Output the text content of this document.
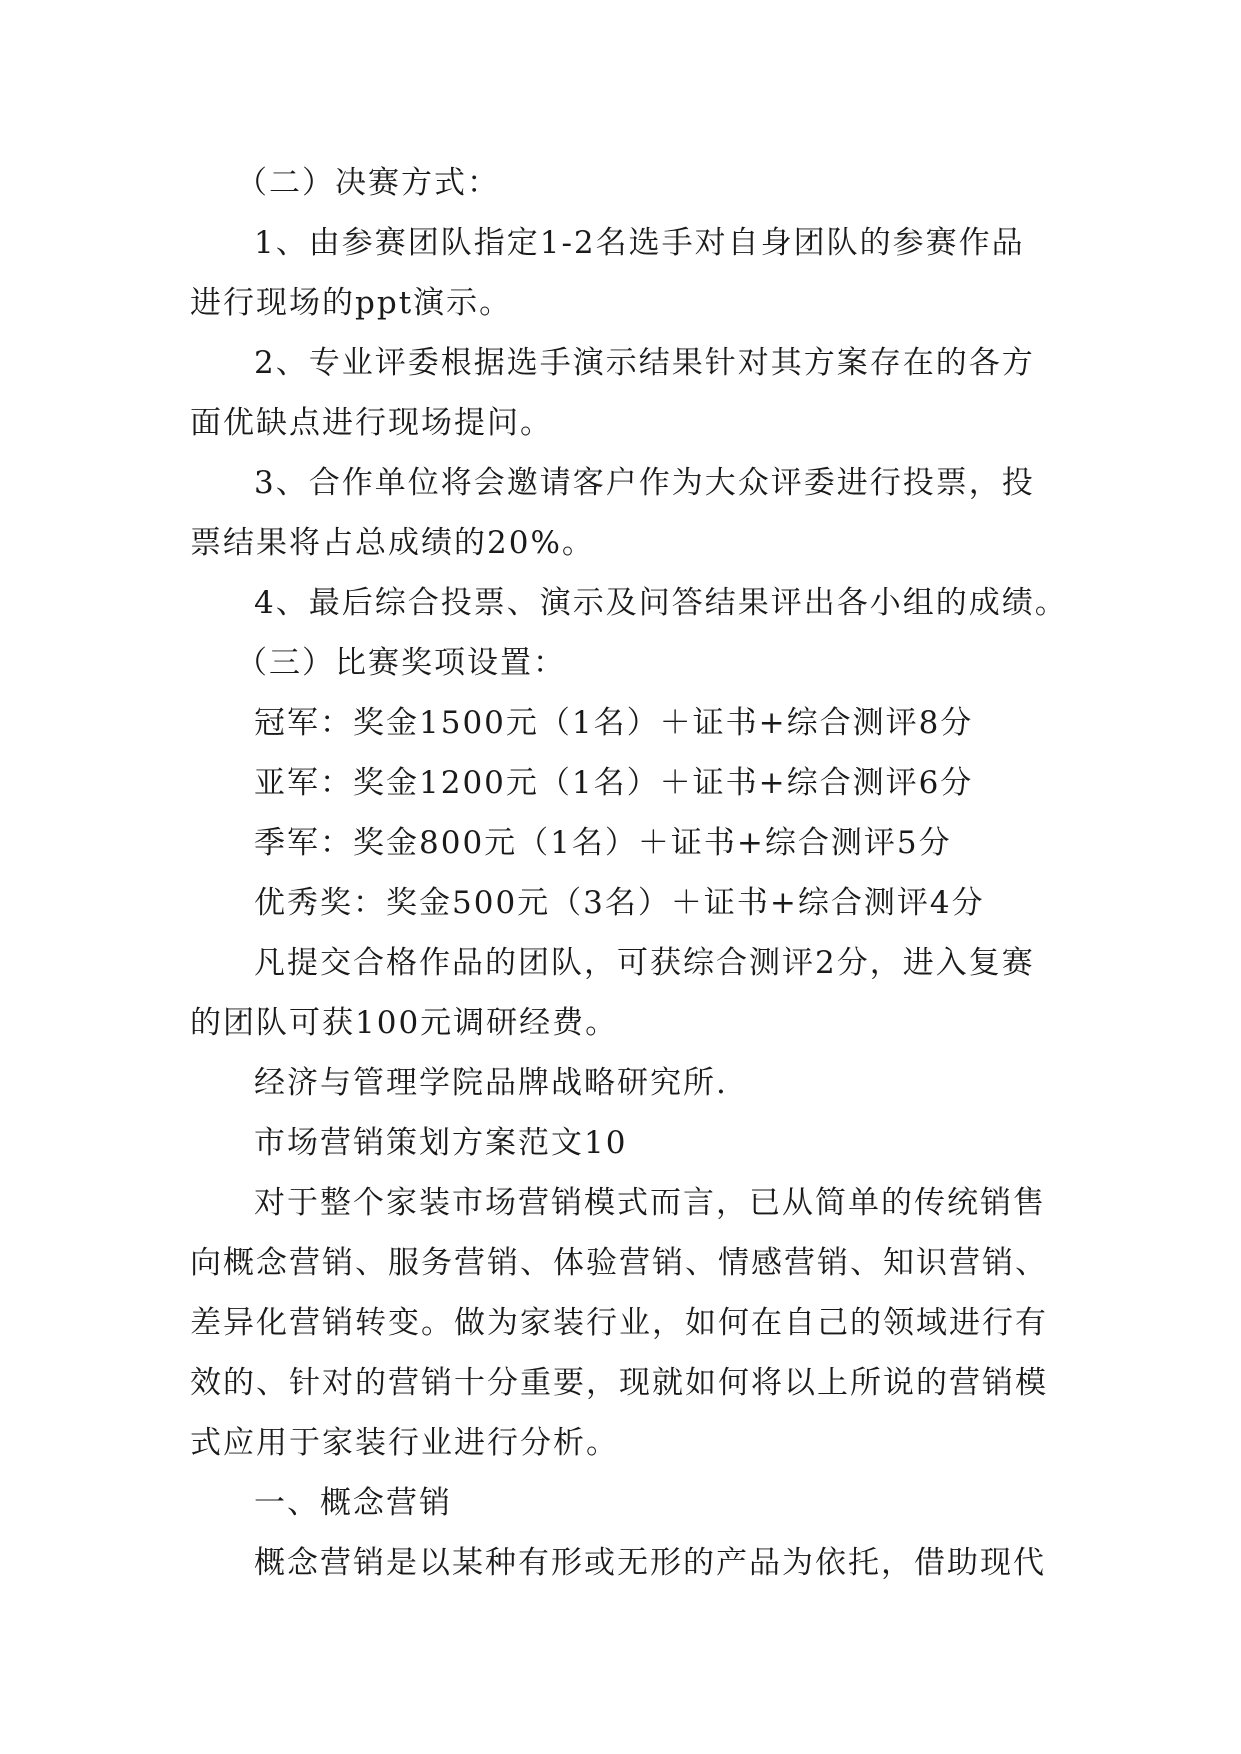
（二）决赛方式：
1、由参赛团队指定1-2名选手对自身团队的参赛作品
进行现场的ppt演示。
2、专业评委根据选手演示结果针对其方案存在的各方
面优缺点进行现场提问。
3、合作单位将会邀请客户作为大众评委进行投票，投
票结果将占总成绩的20%。
4、最后综合投票、演示及问答结果评出各小组的成绩。
（三）比赛奖项设置：
冠军：奖金1500元（1名）＋证书+综合测评8分
亚军：奖金1200元（1名）＋证书+综合测评6分
季军：奖金800元（1名）＋证书+综合测评5分
优秀奖：奖金500元（3名）＋证书+综合测评4分
凡提交合格作品的团队，可获综合测评2分，进入复赛
的团队可获100元调研经费。
经济与管理学院品牌战略研究所.
市场营销策划方案范文10
对于整个家装市场营销模式而言，已从简单的传统销售
向概念营销、服务营销、体验营销、情感营销、知识营销、
差异化营销转变。做为家装行业，如何在自己的领域进行有
效的、针对的营销十分重要，现就如何将以上所说的营销模
式应用于家装行业进行分析。
一、概念营销
概念营销是以某种有形或无形的产品为依托，借助现代
